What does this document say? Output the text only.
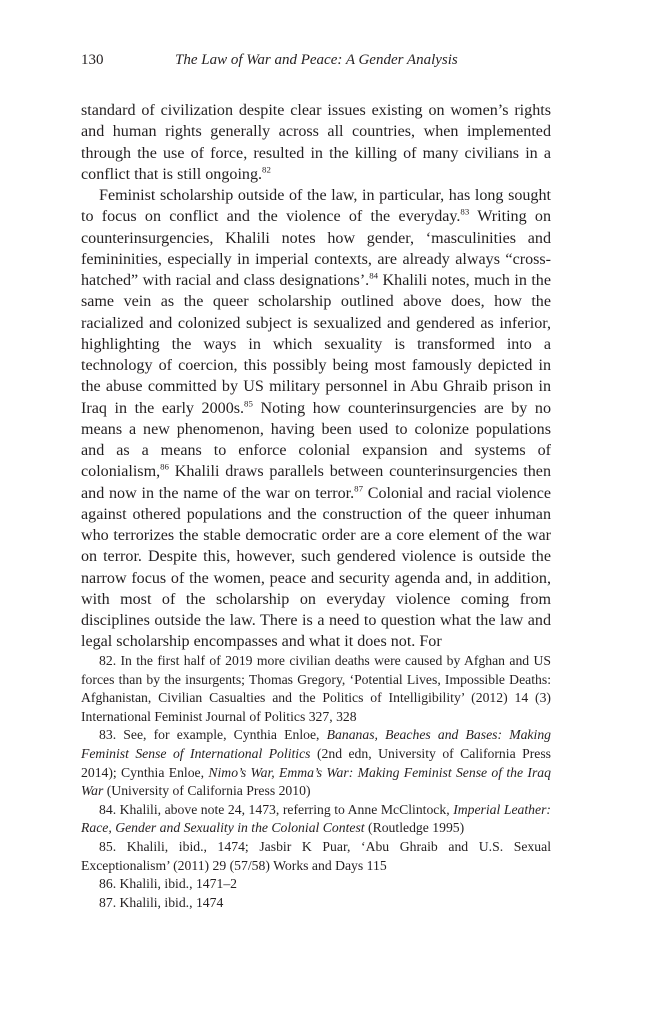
130	The Law of War and Peace: A Gender Analysis

standard of civilization despite clear issues existing on women’s rights and human rights generally across all countries, when implemented through the use of force, resulted in the killing of many civilians in a conflict that is still ongoing.$^{82}$

Feminist scholarship outside of the law, in particular, has long sought to focus on conflict and the violence of the everyday.$^{83}$ Writing on counterinsurgencies, Khalili notes how gender, ‘masculinities and femininities, especially in imperial contexts, are already always “cross-hatched” with racial and class designations’.$^{84}$ Khalili notes, much in the same vein as the queer scholarship outlined above does, how the racialized and colonized subject is sexualized and gendered as inferior, highlighting the ways in which sexuality is transformed into a technology of coercion, this possibly being most famously depicted in the abuse committed by US military personnel in Abu Ghraib prison in Iraq in the early 2000s.$^{85}$ Noting how counterinsurgencies are by no means a new phenomenon, having been used to colonize populations and as a means to enforce colonial expansion and systems of colonialism,$^{86}$ Khalili draws parallels between counterinsurgencies then and now in the name of the war on terror.$^{87}$ Colonial and racial violence against othered populations and the construction of the queer inhuman who terrorizes the stable democratic order are a core element of the war on terror. Despite this, however, such gendered violence is outside the narrow focus of the women, peace and security agenda and, in addition, with most of the scholarship on everyday violence coming from disciplines outside the law. There is a need to question what the law and legal scholarship encompasses and what it does not. For

82. In the first half of 2019 more civilian deaths were caused by Afghan and US forces than by the insurgents; Thomas Gregory, ‘Potential Lives, Impossible Deaths: Afghanistan, Civilian Casualties and the Politics of Intelligibility’ (2012) 14 (3) International Feminist Journal of Politics 327, 328

83. See, for example, Cynthia Enloe, Bananas, Beaches and Bases: Making Feminist Sense of International Politics (2nd edn, University of California Press 2014); Cynthia Enloe, Nimo’s War, Emma’s War: Making Feminist Sense of the Iraq War (University of California Press 2010)

84. Khalili, above note 24, 1473, referring to Anne McClintock, Imperial Leather: Race, Gender and Sexuality in the Colonial Contest (Routledge 1995)

85. Khalili, ibid., 1474; Jasbir K Puar, ‘Abu Ghraib and U.S. Sexual Exceptionalism’ (2011) 29 (57/58) Works and Days 115

86. Khalili, ibid., 1471–2

87. Khalili, ibid., 1474
